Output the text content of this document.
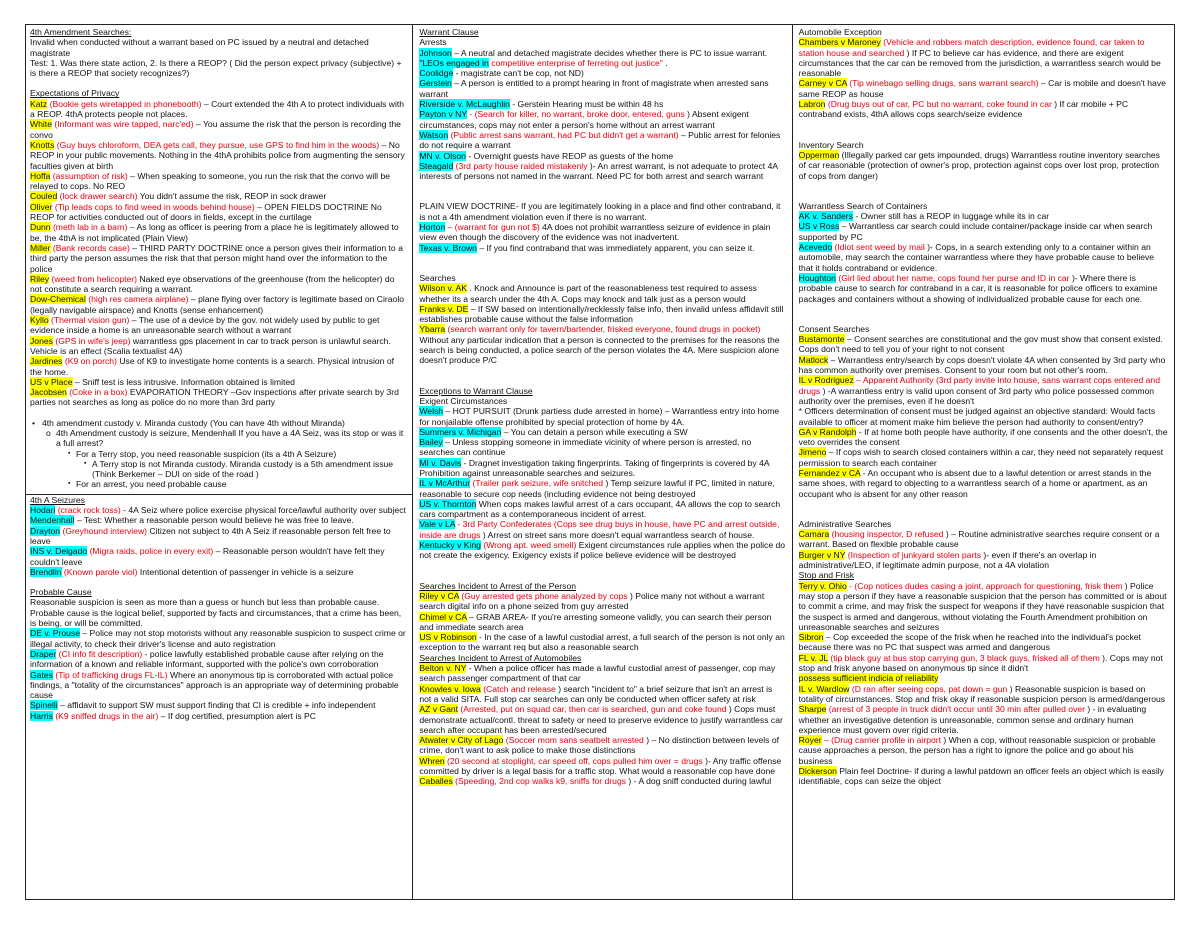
4th Amendment Searches:
Invalid when conducted without a warrant based on PC issued by a neutral and detached magistrate
Test: 1. Was there state action, 2. Is there a REOP? ( Did the person expect privacy (subjective) + is there a REOP that society recognizes?)
Expectations of Privacy
Katz (Bookie gets wiretapped in phonebooth) – Court extended the 4th A to protect individuals with a REOP. 4thA protects people not places.
White (Informant was wire tapped, narc'ed) – You assume the risk that the person is recording the convo
Knotts (Guy buys chloroform, DEA gets call, they pursue, use GPS to find him in the woods) – No REOP in your public movements. Nothing in the 4thA prohibits police from augmenting the sensory faculties given at birth
Hoffa (assumption of risk) – When speaking to someone, you run the risk that the convo will be relayed to cops. No REO
Couled (lock drawer search) You didn't assume the risk, REOP in sock drawer
Oliver (Tip leads cops to find weed in woods behind house) – OPEN FIELDS DOCTRINE No REOP for activities conducted out of doors in fields, except in the curtilage
Dunn (meth lab in a barn) – As long as officer is peering from a place he is legitimately allowed to be, the 4thA is not implicated (Plain View)
Miller (Bank records case) – THIRD PARTY DOCTRINE once a person gives their information to a third party the person assumes the risk that that person might hand over the information to the police
Riley (weed from helicopter) Naked eye observations of the greenhouse (from the helicopter) do not constitute a search requiring a warrant.
Dow-Chemical (high res camera airplane) – plane flying over factory is legitimate based on Ciraolo (legally navigable airspace) and Knotts (sense enhancement)
Kyllo (Thermal vision gun) – The use of a device by the gov. not widely used by public to get evidence inside a home is an unreasonable search without a warrant
Jones (GPS in wife's jeep) warrantless gps placement in car to track person is unlawful search. Vehicle is an effect (Scalia textualist 4A)
Jardines (K9 on porch) Use of K9 to investigate home contents is a search. Physical intrusion of the home.
US v Place – Sniff test is less intrusive. Information obtained is limited
Jacobsen (Coke in a box) EVAPORATION THEORY –Gov inspections after private search by 3rd parties not searches as long as police do no more than 3rd party
• 4th amendment custody v. Miranda custody (You can have 4th without Miranda)
o 4th Amendment custody is seizure, Mendenhall If you have a 4A Seiz, was its stop or was it a full arrest?
▪ For a Terry stop, you need reasonable suspicion (its a 4th A Seizure)
▪ A Terry stop is not Miranda custody. Miranda custody is a 5th amendment issue (Think Berkemer – DUI on side of the road )
▪ For an arrest, you need probable cause
4th A Seizures
Hodari (crack rock toss) - 4A Seiz where police exercise physical force/lawful authority over subject
Mendenhall – Test: Whether a reasonable person would believe he was free to leave.
Drayton (Greyhound interview) Citizen not subject to 4th A Seiz if reasonable person felt free to leave
INS v. Delgado (Migra raids, police in every exit) – Reasonable person wouldn't have felt they couldn't leave
Brendlin (Known parole viol) Intentional detention of passenger in vehicle is a seizure
Probable Cause
Reasonable suspicion is seen as more than a guess or hunch but less than probable cause. Probable cause is the logical belief, supported by facts and circumstances, that a crime has been, is being, or will be committed.
DE v. Prouse – Police may not stop motorists without any reasonable suspicion to suspect crime or illegal activity, to check their driver's license and auto registration
Draper (CI info fit description) - police lawfully established probable cause after relying on the information of a known and reliable informant, supported with the police's own corroboration
Gates (Tip of trafficking drugs FL-IL) Where an anonymous tip is corroborated with actual police findings, a "totality of the circumstances" approach is an appropriate way of determining probable cause
Spinelli – affidavit to support SW must support finding that CI is credible + info independent
Harris (K9 sniffed drugs in the air) – If dog certified, presumption alert is PC
Warrant Clause
Arrests
Johnson – A neutral and detached magistrate decides whether there is PC to issue warrant.
"LEOs engaged in competitive enterprise of ferreting out justice" .
Coolidge - magistrate can't be cop, not ND)
Gerstein – A person is entitled to a prompt hearing in front of magistrate when arrested sans warrant
Riverside v. McLaughlin - Gerstein Hearing must be within 48 hs
Payton v NY - (Search for killer, no warrant, broke door, entered, guns ) Absent exigent circumstances, cops may not enter a person's home without an arrest warrant
Watson (Public arrest sans warrant, had PC but didn't get a warrant) – Public arrest for felonies do not require a warrant
MN v. Olson - Overnight guests have REOP as guests of the home
Steagald (3rd party house raided mistakenly )- An arrest warrant, is not adequate to protect 4A interests of persons not named in the warrant. Need PC for both arrest and search warrant
PLAIN VIEW DOCTRINE- If you are legitimately looking in a place and find other contraband, it is not a 4th amendment violation even if there is no warrant.
Horton – (warrant for gun not $) 4A does not prohibit warrantless seizure of evidence in plain view even though the discovery of the evidence was not inadvertent.
Texas v. Brown – If you find contraband that was immediately apparent, you can seize it.
Searches
Wilson v. AK . Knock and Announce is part of the reasonableness test required to assess whether its a search under the 4th A. Cops may knock and talk just as a person would
Franks v. DE – If SW based on intentionally/recklessly false info, then invalid unless affidavit still establishes probable cause without the false information
Ybarra (search warrant only for tavern/bartender, frisked everyone, found drugs in pocket) Without any particular indication that a person is connected to the premises for the reasons the search is being conducted, a police search of the person violates the 4A. Mere suspicion alone doesn't produce P/C
Exceptions to Warrant Clause
Exigent Circumstances
Welsh – HOT PURSUIT (Drunk partiess dude arrested in home) – Warrantless entry into home for nonjailable offense prohibited by special protection of home by 4A.
Summers v. Michigan – You can detain a person while executing a SW
Bailey – Unless stopping someone in immediate vicinity of where person is arrested, no searches can continue
MI v. Davis - Dragnet investigation taking fingerprints. Taking of fingerprints is covered by 4A Prohibition against unreasonable searches and seizures.
IL v McArthur (Trailer park seizure, wife snitched ) Temp seizure lawful if PC, limited in nature, reasonable to secure cop needs (including evidence not being destroyed
US v. Thornton When cops makes lawful arrest of a cars occupant, 4A allows the cop to search cars compartment as a contemporaneous incident of arrest.
Vale v LA - 3rd Party Confederates (Cops see drug buys in house, have PC and arrest outside, inside are drugs ) Arrest on street sans more doesn't equal warrantless search of house.
Kentucky v King (Wrong apt. weed smell) Exigent circumstances rule applies when the police do not create the exigency. Exigency exists if police believe evidence will be destroyed
Searches Incident to Arrest of the Person
Riley v CA (Guy arrested gets phone analyzed by cops ) Police many not without a warrant search digital info on a phone seized from guy arrested
Chimel v CA – GRAB AREA- If you're arresting someone validly, you can search their person and immediate search area
US v Robinson - In the case of a lawful custodial arrest, a full search of the person is not only an exception to the warrant req but also a reasonable search
Searches Incident to Arrest of Automobiles
Belton v. NY - When a police officer has made a lawful custodial arrest of passenger, cop may search passenger compartment of that car
Knowles v. Iowa (Catch and release ) search "incident to" a brief seizure that isn't an arrest is not a valid SITA. Full stop car searches can only be conducted when officer safety at risk
AZ v Gant (Arrested, put on squad car, then car is searched, gun and coke found ) Cops must demonstrate actual/contl. threat to safety or need to preserve evidence to justify warrantless car search after occupant has been arrested/secured
Atwater v City of Lago (Soccer mom sans seatbelt arrested ) – No distinction between levels of crime, don't want to ask police to make those distinctions
Whren (20 second at stoplight, car speed off, cops pulled him over = drugs )- Any traffic offense committed by driver is a legal basis for a traffic stop. What would a reasonable cop have done
Caballes (Speeding, 2nd cop walks k9, sniffs for drugs ) - A dog sniff conducted during lawful
Automobile Exception
Chambers v Maroney (Vehicle and robbers match description, evidence found, car taken to station house and searched ) If PC to believe car has evidence, and there are exigent circumstances that the car can be removed from the jurisdiction, a warrantless search would be reasonable
Carney v CA (Tip winebago selling drugs, sans warrant search) – Car is mobile and doesn't have same REOP as house
Labron (Drug buys out of car, PC but no warrant, coke found in car ) If car mobile + PC contraband exists, 4thA allows cops search/seize evidence
Inventory Search
Opperman (Illegally parked car gets impounded, drugs) Warrantless routine inventory searches of car reasonable (protection of owner's prop, protection against cops over lost prop, protection of cops from danger)
Warrantless Search of Containers
AK v. Sanders - Owner still has a REOP in luggage while its in car
US v Ross – Warrantless car search could include container/package inside car when search supported by PC
Acevedo (Idiot sent weed by mail )- Cops, in a search extending only to a container within an automobile, may search the container warrantless where they have probable cause to believe that it holds contraband or evidence.
Houghton (Girl lied about her name, cops found her purse and ID in car )- Where there is probable cause to search for contraband in a car, it is reasonable for police officers to examine packages and containers without a showing of individualized probable cause for each one.
Consent Searches
Bustamonte – Consent searches are constitutional and the gov must show that consent existed. Cops don't need to tell you of your right to not consent
Matlock – Warrantless entry/search by cops doesn't violate 4A when consented by 3rd party who has common authority over premises. Consent to your room but not other's room.
IL v Rodriguez – Apparent Authority (3rd party invite into house, sans warrant cops entered and drugs ) -A warrantless entry is valid upon consent of 3rd party who police possessed common authority over the premises, even if he doesn't
* Officers determination of consent must be judged against an objective standard: Would facts available to officer at moment make him believe the person had authority to consent/entry?
GA v Randolph - If at home both people have authority, if one consents and the other doesn't, the veto overrides the consent
Jimeno – If cops wish to search closed containers within a car, they need not separately request permission to search each container
Fernandez v CA - An occupant who is absent due to a lawful detention or arrest stands in the same shoes, with regard to objecting to a warrantless search of a home or apartment, as an occupant who is absent for any other reason
Administrative Searches
Camara (housing inspector, D refused ) – Routine administrative searches require consent or a warrant. Based on flexible probable cause
Burger v NY (Inspection of junkyard stolen parts )- even if there's an overlap in administrative/LEO, if legitimate admin purpose, not a 4A violation
Stop and Frisk
Terry v. Ohio - (Cop notices dudes casing a joint, approach for questioning, frisk them ) Police may stop a person if they have a reasonable suspicion that the person has committed or is about to commit a crime, and may frisk the suspect for weapons if they have reasonable suspicion that the suspect is armed and dangerous, without violating the Fourth Amendment prohibition on unreasonable searches and seizures
Sibron – Cop exceeded the scope of the frisk when he reached into the individual's pocket because there was no PC that suspect was armed and dangerous
FL v. JL (tip black guy at bus stop carrying gun, 3 black guys, frisked all of them ). Cops may not stop and frisk anyone based on anonymous tip since it didn't
possess sufficient indicia of reliability
IL v. Wardlow (D ran after seeing cops, pat down = gun ) Reasonable suspicion is based on totality of circumstances. Stop and frisk okay if reasonable suspicion person is armed/dangerous
Sharpe (arrest of 3 people in truck didn't occur until 30 min after pulled over ) - in evaluating whether an investigative detention is unreasonable, common sense and ordinary human experience must govern over rigid criteria.
Royer – (Drug carrier profile in airport ) When a cop, without reasonable suspicion or probable cause approaches a person, the person has a right to ignore the police and go about his business
Dickerson Plain feel Doctrine- if during a lawful patdown an officer feels an object which is easily identifiable, cops can seize the object
